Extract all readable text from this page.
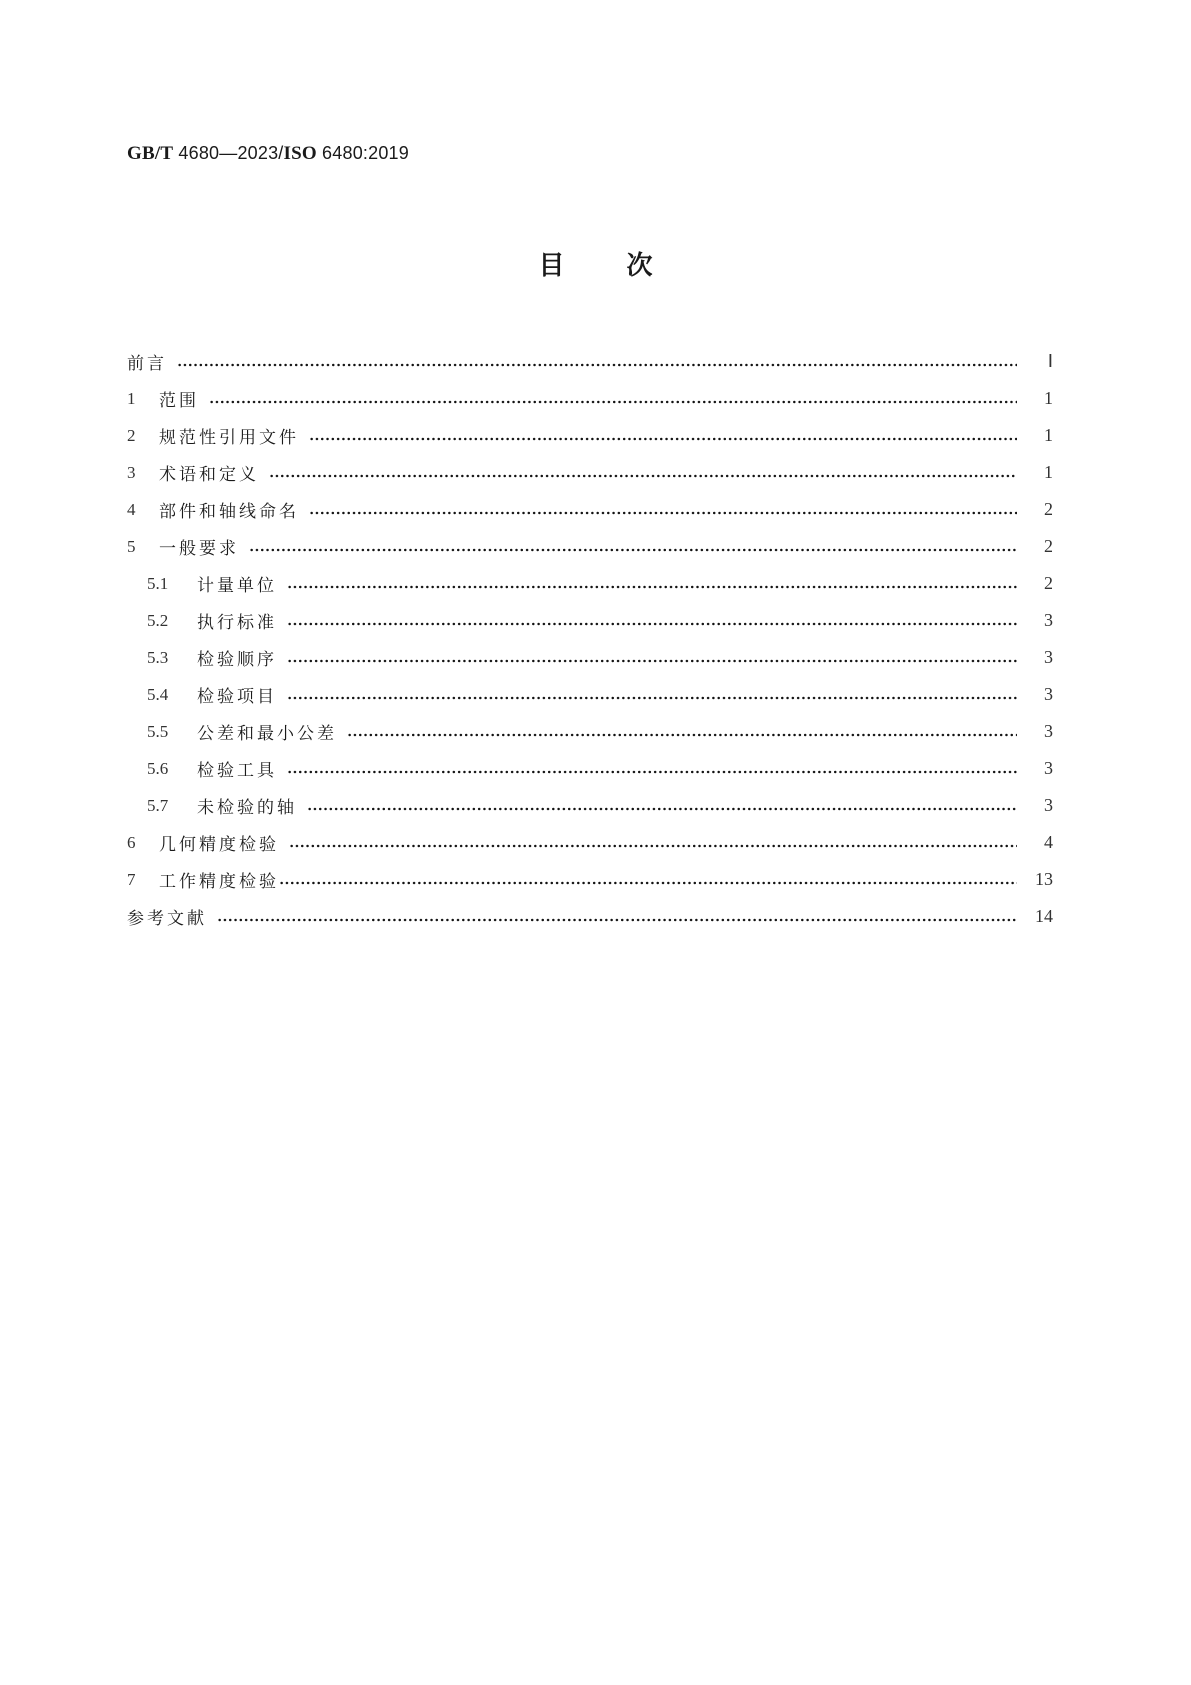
GB/T 4680—2023/ISO 6480:2019
目 次
前言	Ⅰ
1	范围	1
2	规范性引用文件	1
3	术语和定义	1
4	部件和轴线命名	2
5	一般要求	2
5.1	计量单位	2
5.2	执行标准	3
5.3	检验顺序	3
5.4	检验项目	3
5.5	公差和最小公差	3
5.6	检验工具	3
5.7	未检验的轴	3
6	几何精度检验	4
7	工作精度检验	13
参考文献	14
